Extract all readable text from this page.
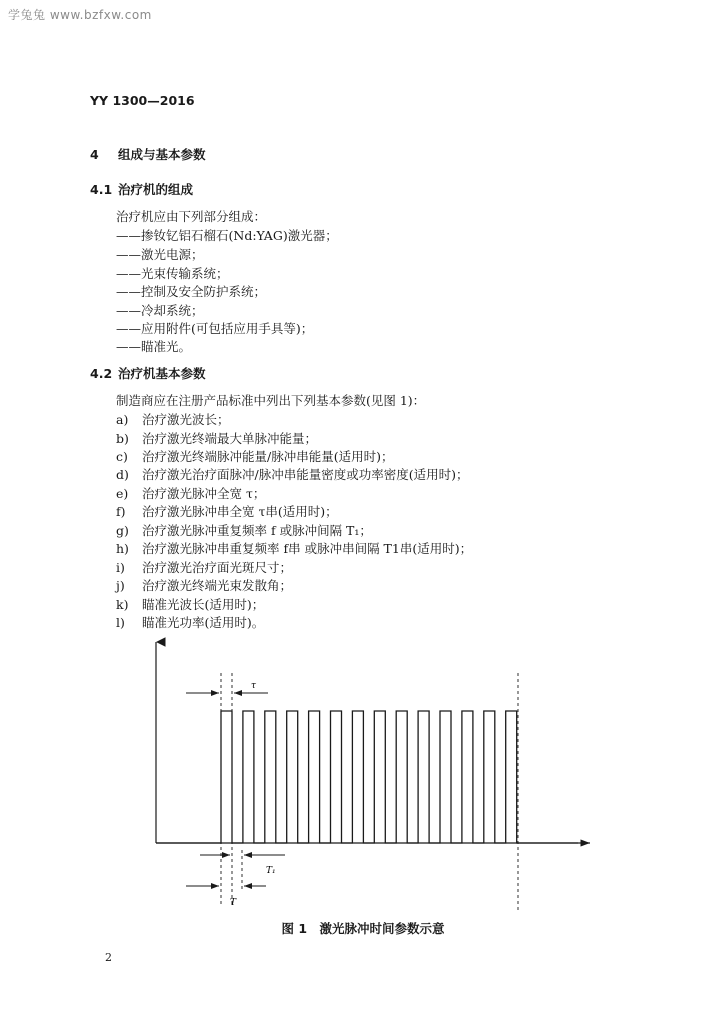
学兔兔 www.bzfxw.com
YY 1300—2016
4 组成与基本参数
4.1 治疗机的组成
治疗机应由下列部分组成：
——掺钕钇铝石榴石(Nd:YAG)激光器；
——激光电源；
——光束传输系统；
——控制及安全防护系统；
——冷却系统；
——应用附件(可包括应用手具等)；
——瞄准光。
4.2 治疗机基本参数
制造商应在注册产品标准中列出下列基本参数(见图 1)：
a) 治疗激光波长；
b) 治疗激光终端最大单脉冲能量；
c) 治疗激光终端脉冲能量/脉冲串能量(适用时)；
d) 治疗激光治疗面脉冲/脉冲串能量密度或功率密度(适用时)；
e) 治疗激光脉冲全宽 τ；
f) 治疗激光脉冲串全宽 τ串(适用时)；
g) 治疗激光脉冲重复频率 f 或脉冲间隔 T₁；
h) 治疗激光脉冲串重复频率 f串 或脉冲串间隔 T1串(适用时)；
i) 治疗激光治疗面光斑尺寸；
j) 治疗激光终端光束发散角；
k) 瞄准光波长(适用时)；
l) 瞄准光功率(适用时)。
τ
T₁
T
图 1　激光脉冲时间参数示意
2
